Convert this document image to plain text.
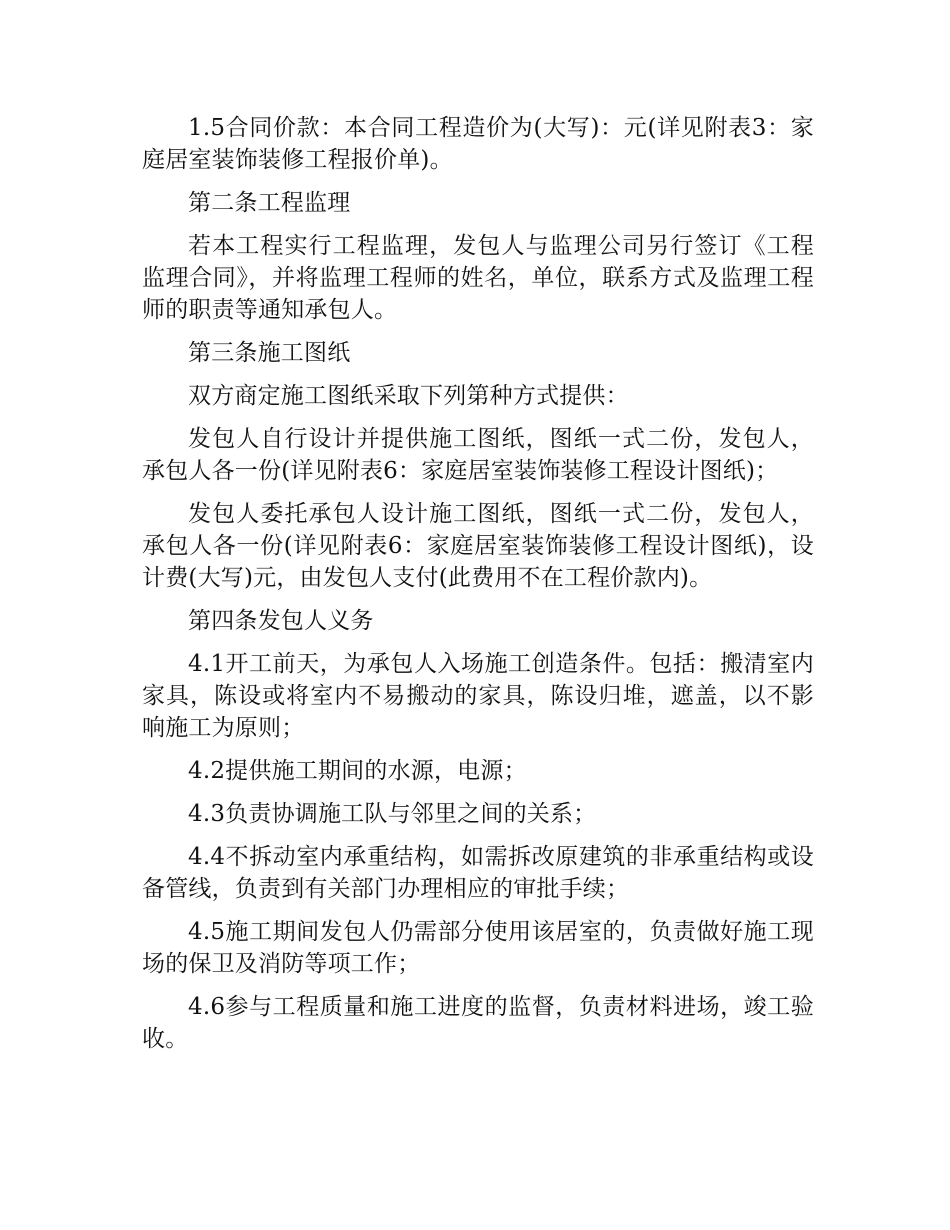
1.5合同价款：本合同工程造价为(大写)：元(详见附表3：家庭居室装饰装修工程报价单)。

第二条工程监理

若本工程实行工程监理，发包人与监理公司另行签订《工程监理合同》，并将监理工程师的姓名，单位，联系方式及监理工程师的职责等通知承包人。

第三条施工图纸

双方商定施工图纸采取下列第种方式提供：

发包人自行设计并提供施工图纸，图纸一式二份，发包人，承包人各一份(详见附表6：家庭居室装饰装修工程设计图纸)；

发包人委托承包人设计施工图纸，图纸一式二份，发包人，承包人各一份(详见附表6：家庭居室装饰装修工程设计图纸)，设计费(大写)元，由发包人支付(此费用不在工程价款内)。

第四条发包人义务

4.1开工前天，为承包人入场施工创造条件。包括：搬清室内家具，陈设或将室内不易搬动的家具，陈设归堆，遮盖，以不影响施工为原则；

4.2提供施工期间的水源，电源；

4.3负责协调施工队与邻里之间的关系；

4.4不拆动室内承重结构，如需拆改原建筑的非承重结构或设备管线，负责到有关部门办理相应的审批手续；

4.5施工期间发包人仍需部分使用该居室的，负责做好施工现场的保卫及消防等项工作；

4.6参与工程质量和施工进度的监督，负责材料进场，竣工验收。
